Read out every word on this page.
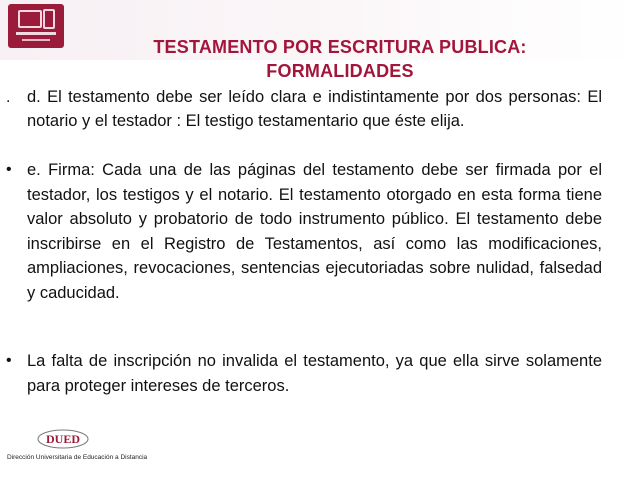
TESTAMENTO POR ESCRITURA PUBLICA:
FORMALIDADES
. d. El testamento debe ser leído clara e indistintamente por dos personas: El notario y el testador : El testigo testamentario que éste elija.
• e. Firma: Cada una de las páginas del testamento debe ser firmada por el testador, los testigos y el notario. El testamento otorgado en esta forma tiene valor absoluto y probatorio de todo instrumento público. El testamento debe inscribirse en el Registro de Testamentos, así como las modificaciones, ampliaciones, revocaciones, sentencias ejecutoriadas sobre nulidad, falsedad y caducidad.
• La falta de inscripción no invalida el testamento, ya que ella sirve solamente para proteger intereses de terceros.
DUED
Dirección Universitaria de Educación a Distancia
